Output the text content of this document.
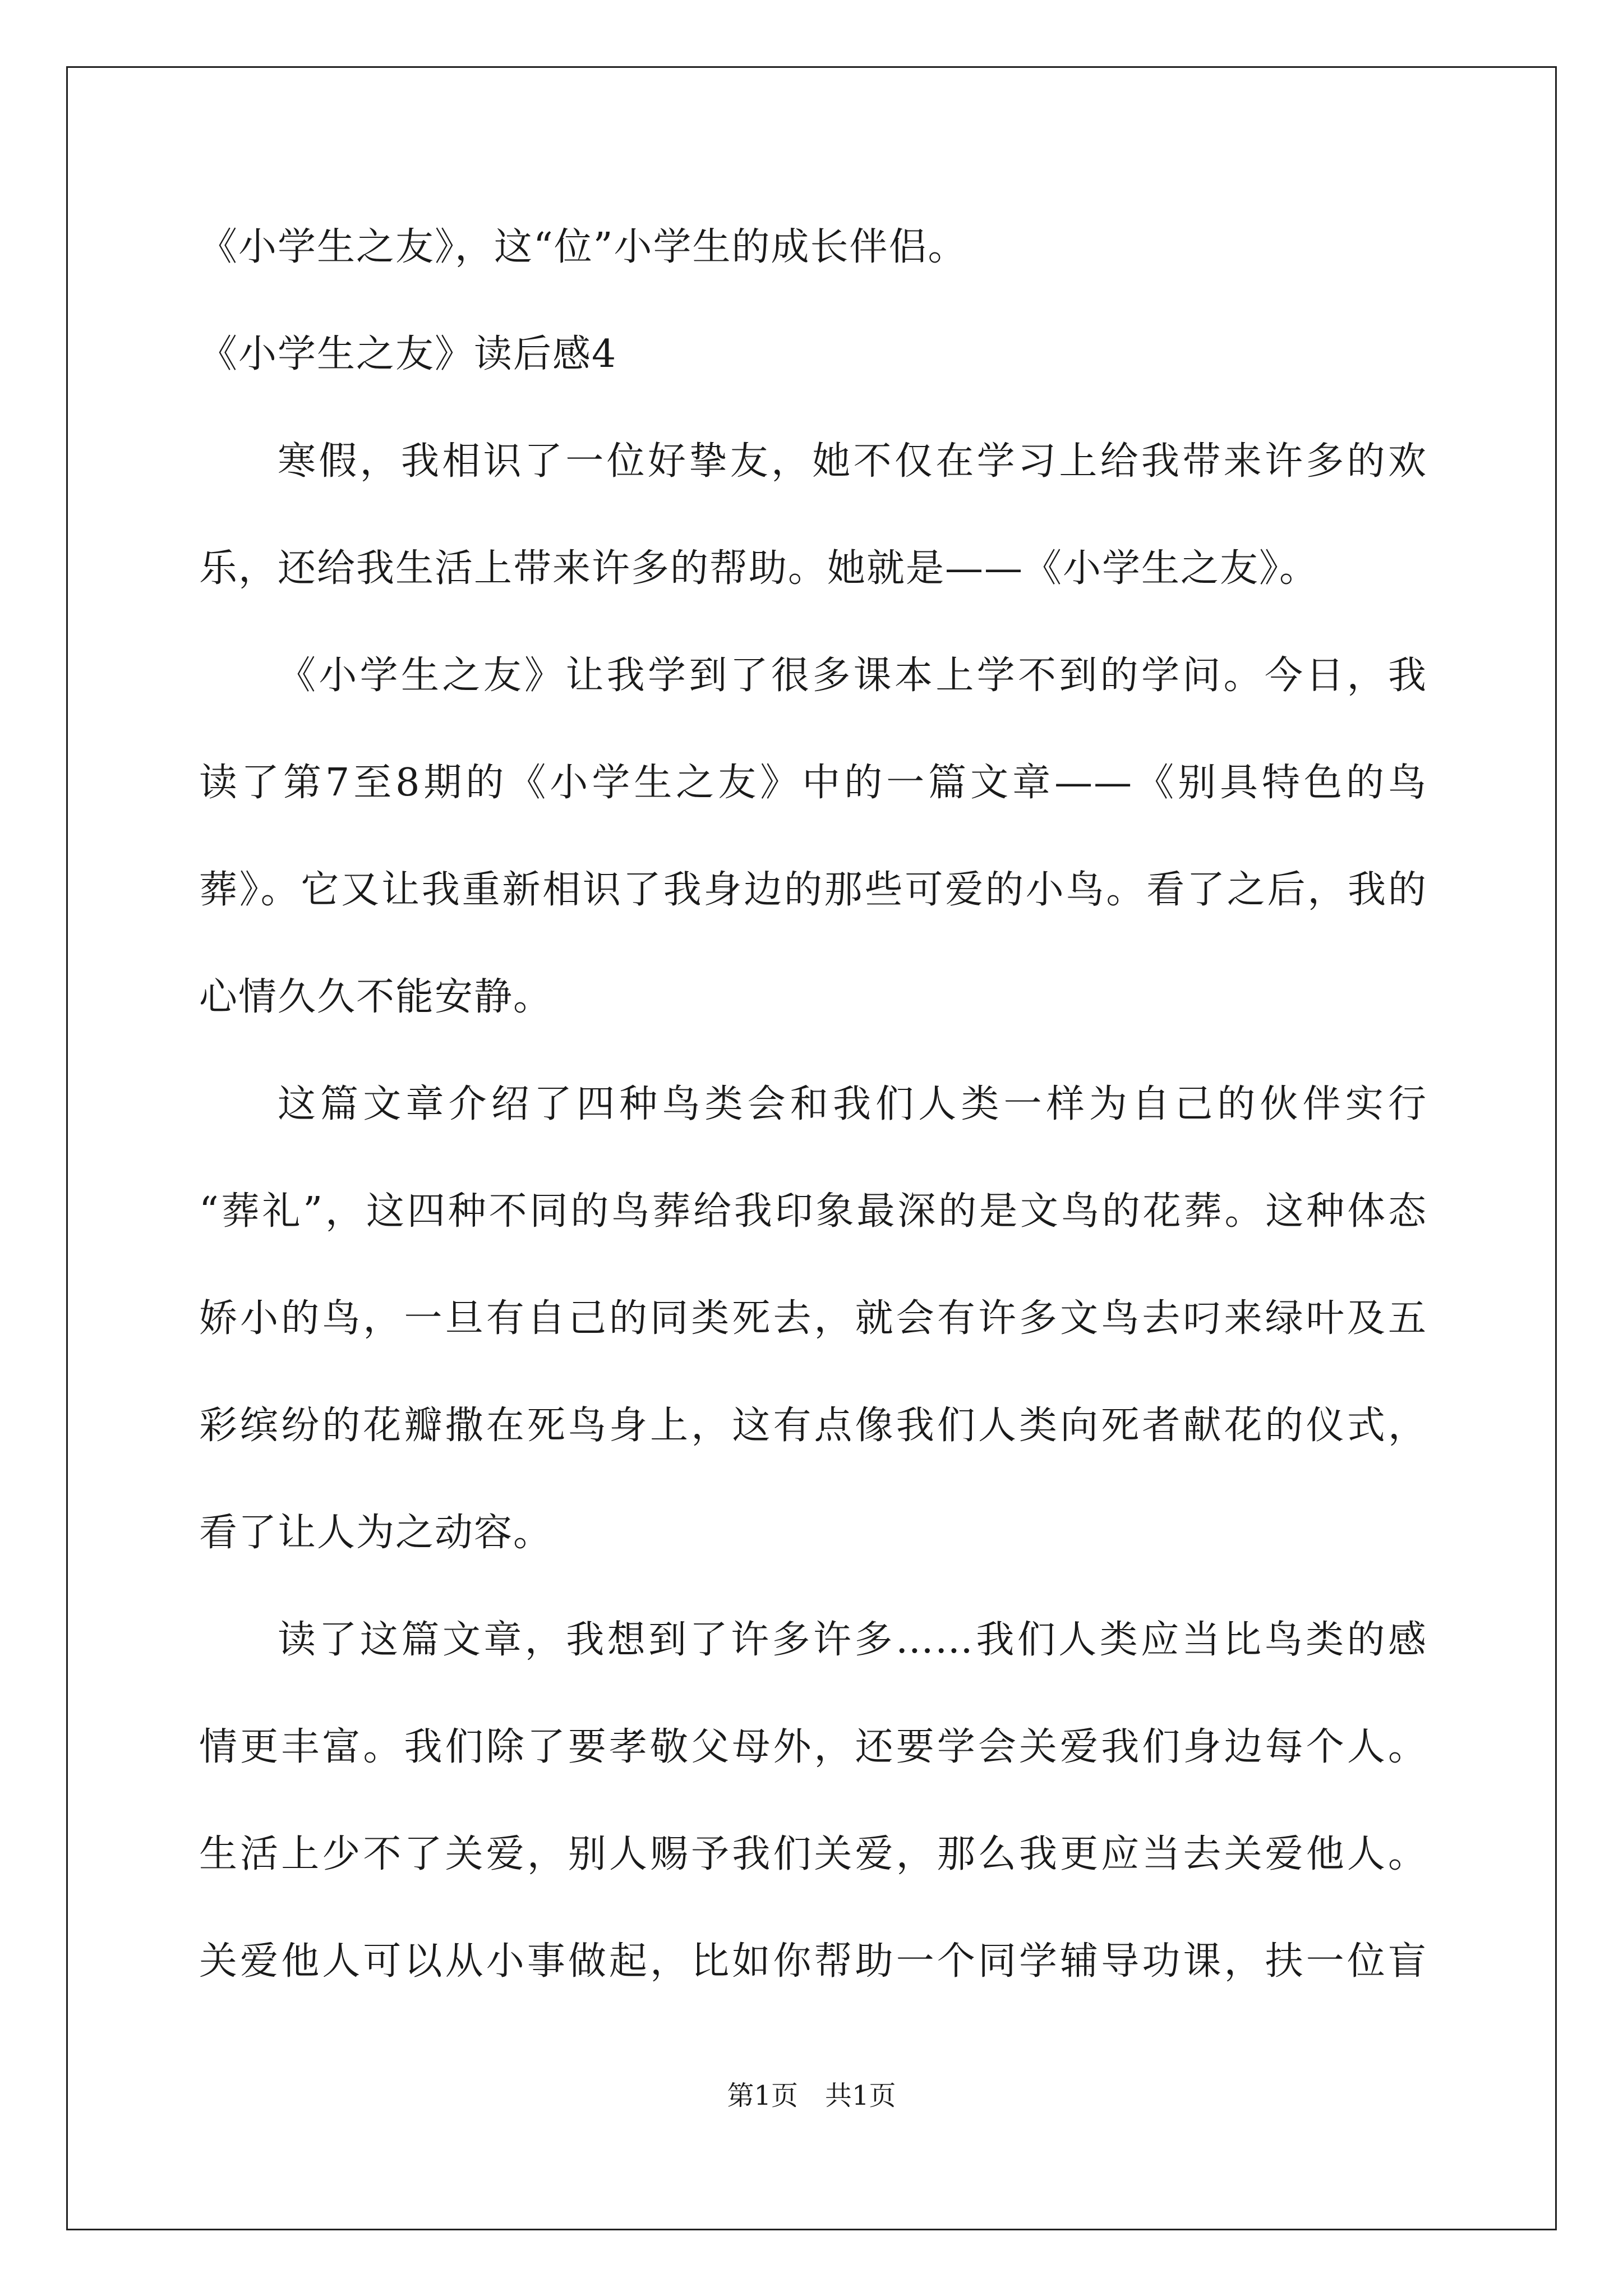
《小学生之友》，这“位”小学生的成长伴侣。
《小学生之友》读后感4
寒假，我相识了一位好挚友，她不仅在学习上给我带来许多的欢
乐，还给我生活上带来许多的帮助。她就是——《小学生之友》。
《小学生之友》让我学到了很多课本上学不到的学问。今日，我
读了第7至8期的《小学生之友》中的一篇文章——《别具特色的鸟
葬》。它又让我重新相识了我身边的那些可爱的小鸟。看了之后，我的
心情久久不能安静。
这篇文章介绍了四种鸟类会和我们人类一样为自己的伙伴实行
“葬礼”，这四种不同的鸟葬给我印象最深的是文鸟的花葬。这种体态
娇小的鸟，一旦有自己的同类死去，就会有许多文鸟去叼来绿叶及五
彩缤纷的花瓣撒在死鸟身上，这有点像我们人类向死者献花的仪式，
看了让人为之动容。
读了这篇文章，我想到了许多许多……我们人类应当比鸟类的感
情更丰富。我们除了要孝敬父母外，还要学会关爱我们身边每个人。
生活上少不了关爱，别人赐予我们关爱，那么我更应当去关爱他人。
关爱他人可以从小事做起，比如你帮助一个同学辅导功课，扶一位盲
第1页 共1页
